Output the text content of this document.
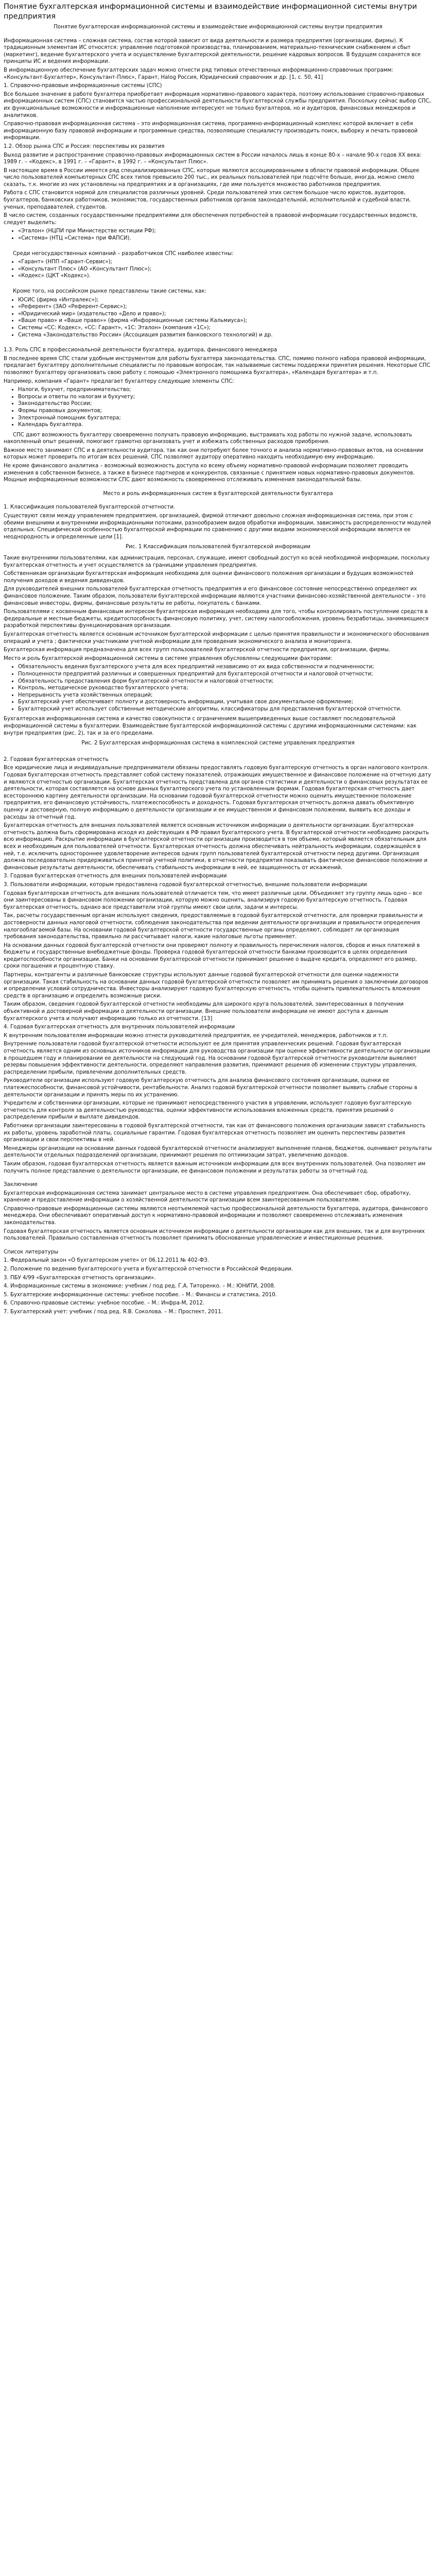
Понятие бухгалтерская информационной системы и взаимодействие информационной системы внутри предприятия
Понятие бухгалтерская информационной системы и взаимодействие информационной системы внутри предприятия
Информационная система – сложная система, состав которой зависит от вида деятельности и размера предприятия (организации, фирмы). К традиционным элементам ИС относятся: управление подготовкой производства, планированием, материально-техническим снабжением и сбыт (маркетинг), ведение бухгалтерского учета и осуществление бухгалтерской деятельности, решение кадровых вопросов. В будущем сохранятся все принципы ИС и ведения информации.
В информационную обеспечение бухгалтерских задач можно отнести ряд типовых отечественных информационно-справочных программ: «Консультант-Бухгалтер», Консультант-Плюс», Гарант, Нalog Россия, Юридический справочник и др. [1, с. 50, 41]
1. Справочно-правовые информационные системы (СПС)
Все большее значение в работе бухгалтера приобретает информация нормативно-правового характера, поэтому использование справочно-правовых информационных систем (СПС) становится частью профессиональной деятельности бухгалтерской службы предприятия. Поскольку сейчас выбор СПС, их функциональные возможности и информационные наполнение интересуют не только бухгалтеров, но и аудиторов, финансовых менеджеров и аналитиков.
Справочно-правовая информационная система – это информационная система, программно-информационный комплекс которой включает в себя информационную базу правовой информации и программные средства, позволяющие специалисту производить поиск, выборку и печать правовой информации.
1.2. Обзор рынка СПС и Россия: перспективы их развития
Выход развитие и распространение справочно-правовых информационных систем в России началось лишь в конце 80-х – начале 90-х годов ХХ века: 1989 г. – «Кодекс», в 1991 г. – «Гарант», в 1992 г. – «Консультант Плюс».
В настоящее время в России имеется ряд специализированных СПС, которые являются ассоциированными в области правовой информации. Общее число пользователей компьютерных СПС всех типов превысило 200 тыс., их реальных пользователей при подсчёте больше, иногда, можно смело сказать, т.к. многие из них установлены на предприятиях и в организациях, где ими пользуется множество работников предприятия.
Работа с СПС становится нормой для специалистов различных уровней. Среди пользователей этих систем большое число юристов, аудиторов, бухгалтеров, банковских работников, экономистов, государственных работников органов законодательной, исполнительной и судебной власти, ученых, преподавателей, студентов.
В число систем, созданных государственными предприятиями для обеспечения потребностей в правовой информации государственных ведомств, следует выделить:
• «Эталон» (НЦПИ при Министерстве юстиции РФ);
• «Система» (НТЦ «Система» при ФАПСИ).
Среди негосударственных компаний – разработчиков СПС наиболее известны:
• «Гарант» (НПП «Гарант-Сервис»);
• «Консультант Плюс» (АО «Консультант Плюс»);
• «Кодекс» (ЦКТ «Кодекс»).
Кроме того, на российском рынке представлены такие системы, как:
• ЮСИС (фирма «Интралекс»);
• «Референт» (ЗАО «Референт-Сервис»);
• «Юридический мир» (издательство «Дело и право»);
• «Ваше право» и «Ваше право»» (фирма «Информационные системы Кальмиуса»);
• Системы «СС: Кодекс», «СС: Гарант», «1С: Эталон» (компания «1С»);
• Система «Законодательство России» (Ассоциация развития банковского технологий) и др.
1.3. Роль СПС в профессиональной деятельности бухгалтера, аудитора, финансового менеджера
В последнее время СПС стали удобным инструментом для работы бухгалтера законодательства. СПС, помимо полного набора правовой информации, предлагает бухгалтеру дополнительные специалисты по правовым вопросам, так называемые системы поддержки принятия решения. Некоторые СПС позволяют бухгалтеру организовать свою работу с помощью «Электронного помощника бухгалтера», «Календаря бухгалтера» и т.п.
Например, компания «Гарант» предлагает бухгалтеру следующие элементы СПС:
• Налоги, бухучет, предпринимательство;
• Вопросы и ответы по налогам и бухучету;
• Законодательство России;
• Формы правовых документов;
• Электронный помощник бухгалтера;
• Календарь бухгалтера.
СПС дают возможность бухгалтеру своевременно получать правовую информацию, выстраивать ход работы по нужной задаче, использовать накопленный опыт решений, помогают грамотно организовать учет и избежать собственных расходов приобрения.
Важное место занимают СПС и в деятельности аудитора, так как они потребуют более точного и анализа нормативно-правовых актов, на основании которых может проверить по итогам всех решений. СПС позволяют аудитору оперативно находить необходимую ему информацию.
Не кроме финансового аналитика – возможный возможность доступа ко всему объему нормативно-правовой информации позволяет проводить изменения в собственном бизнесе, а также в бизнесе партнеров и конкурентов, связанные с принятием новых нормативно-правовых документов. Мощные информационные возможности СПС дают возможность своевременно отслеживать изменения законодательной базы.
Место и роль информационных систем в бухгалтерской деятельности бухгалтера
1. Классификация пользователей бухгалтерской отчетности.
Существуют связи между управлением предприятием, организацией, фирмой отличают довольно сложная информационная система, при этом с обеими внешними и внутренними информационными потоками, разнообразием видов обработки информации, зависимость распределенности модулей отдельных. Специфической особенностью бухгалтерской информации по сравнению с другими видами экономической информации является ее неоднородность и определенные цели [1].
Рис. 1 Классификация пользователей бухгалтерской информации
Такие внутренними пользователями, как администрация, персонал, служащие, имеют свободный доступ ко всей необходимой информации, поскольку бухгалтерская отчетность и учет осуществляется за границами управления предприятия.
Собственникам организации бухгалтерская информация необходима для оценки финансового положения организации и будущих возможностей получения доходов и ведения дивидендов.
Для руководителей внешних пользователей бухгалтерская отчетность предприятия и его финансовое состояние непосредственно определяют их финансовое положение. Таким образом, пользователи бухгалтерской информации являются участники финансово-хозяйственной деятельности – это финансовые инвесторы, фирмы, финансовые результаты ее работы, покупатель с банками.
Пользователями с косвенным финансовым интересом бухгалтерская информация необходима для того, чтобы контролировать поступление средств в федеральные и местные бюджеты, кредитоспособность финансовую политику, учет, систему налогообложения, уровень безработицы, занимающиеся разработкой перспективы функционирования организации.
Бухгалтерская отчетность является основным источником бухгалтерской информации с целью принятия правильности и экономического обоснования операций и учета ; фактически участниками учетной информации для проведения экономического анализа и мониторинга.
Бухгалтерская информация предназначена для всех групп пользователей бухгалтерской отчетности предприятия, организации, фирмы.
Место и роль бухгалтерской информационной системы в системе управления обусловлены следующими факторами:
• Обязательность ведения бухгалтерского учета для всех предприятий независимо от их вида собственности и подчиненности;
• Полноценности предприятий различных и совершенных предприятий для бухгалтерской отчетности и налоговой отчетности;
• Обязательность предоставления форм бухгалтерской отчетности и налоговой отчетности;
• Контроль, методическое руководство бухгалтерского учета;
• Непрерывность учета хозяйственных операций;
• Бухгалтерский учет обеспечивает полноту и достоверность информации, учитывая свое документальное оформление;
• Бухгалтерский учет использует собственные методические алгоритмы, классификаторы для представления бухгалтерской отчетности.
Бухгалтерская информационная система и качество совокупности с ограничением вышеприведенных выше составляют последовательной информационной системы в бухгалтерии. Взаимодействие бухгалтерской информационной системы с другими информационными системами: как внутри предприятия (рис. 2), так и за его пределами.
Рис. 2 Бухгалтерская информационная система в комплексной системе управления предприятия
2. Годовая бухгалтерская отчетность
Все юридические лица и индивидуальные предприниматели обязаны предоставлять годовую бухгалтерскую отчетность в орган налогового контроля. Годовая бухгалтерская отчетность представляет собой систему показателей, отражающих имущественное и финансовое положение на отчетную дату и являются отчетностью организации. Бухгалтерская отчетность представлена для органов статистики и деятельности о финансовых результатах ее деятельности, которая составляется на основе данных бухгалтерского учета по установленным формам. Годовая бухгалтерская отчетность дает всестороннюю картину деятельности организации. На основании годовой бухгалтерской отчетности можно оценить имущественное положение предприятия, его финансовую устойчивость, платежеспособность и доходность. Годовая бухгалтерская отчетность должна давать объективную оценку и достоверную, полную информацию о деятельности организации и ее имущественном и финансовом положении, выявить все доходы и расходы за отчетный год.
Бухгалтерская отчетность для внешних пользователей является основным источником информации о деятельности организации. Бухгалтерская отчетность должна быть сформирована исходя из действующих в РФ правил бухгалтерского учета. В бухгалтерской отчетности необходимо раскрыть всю информацию. Раскрытие информации в бухгалтерской отчетности организации производится в том объеме, который является обязательным для всех и необходимым для пользователей отчетности. Бухгалтерская отчетность должна обеспечивать нейтральность информации, содержащейся в ней, т.е. исключить одностороннее удовлетворение интересов одних групп пользователей бухгалтерской отчетности перед другими. Организация должна последовательно придерживаться принятой учетной политики, в отчетности предприятия показывать фактическое финансовое положение и финансовые результаты деятельности, обеспечивать стабильность информации в ней, ее защищенность от искажений.
3. Годовая бухгалтерская отчетность для внешних пользователей информации
3. Пользователи информации, которым предоставлена годовой бухгалтерской отчетностью, внешние пользователи информации
Годовая бухгалтерская отчетность для внешних пользователей отличается тем, что имеет различные цели. Объединяет эту группу лишь одно – все они заинтересованы в финансовом положении организации, которую можно оценить, анализируя годовую бухгалтерскую отчетность. Годовая бухгалтерская отчетность, однако все представители этой группы имеют свои цели, задачи и интересы.
Так, расчеты государственным органам используют сведения, предоставляемые в годовой бухгалтерской отчетности, для проверки правильности и достоверности данных налоговой отчетности, соблюдения законодательства при ведении деятельности организации и правильности определения налогооблагаемой базы. На основании годовой бухгалтерской отчетности государственные органы определяют, соблюдает ли организация требования законодательства, правильно ли рассчитывает налоги, какие налоговые льготы применяет.
На основании данных годовой бухгалтерской отчетности они проверяют полноту и правильность перечисления налогов, сборов и иных платежей в бюджеты и государственные внебюджетные фонды. Проверка годовой бухгалтерской отчетности банками производится в целях определения кредитоспособности организации. Банки на основании бухгалтерской отчетности принимают решение о выдаче кредита, определяют его размер, сроки погашения и процентную ставку.
Партнеры, контрагенты и различные банковские структуры используют данные годовой бухгалтерской отчетности для оценки надежности организации. Такая стабильность на основании данных годовой бухгалтерской отчетности позволяет им принимать решения о заключении договоров и определении условий сотрудничества. Инвесторы анализируют годовую бухгалтерскую отчетность, чтобы оценить привлекательность вложения средств в организацию и определить возможные риски.
Таким образом, сведения годовой бухгалтерской отчетности необходимы для широкого круга пользователей, заинтересованных в получении объективной и достоверной информации о деятельности организации. Внешние пользователи информации не имеют доступа к данным бухгалтерского учета и получают информацию только из отчетности. [13]
4. Годовая бухгалтерская отчетность для внутренних пользователей информации
К внутренним пользователям информации можно отнести руководителей предприятия, ее учредителей, менеджеров, работников и т.п.
Внутренние пользователи годовой бухгалтерской отчетности используют ее для принятия управленческих решений. Годовая бухгалтерская отчетность является одним из основных источников информации для руководства организации при оценке эффективности деятельности организации в прошедшем году и планировании ее деятельности на следующий год. На основании годовой бухгалтерской отчетности руководители выявляют резервы повышения эффективности деятельности, определяют направления развития, принимают решения об изменении структуры управления, распределении прибыли, привлечении дополнительных средств.
Руководители организации используют годовую бухгалтерскую отчетность для анализа финансового состояния организации, оценки ее платежеспособности, финансовой устойчивости, рентабельности. Анализ годовой бухгалтерской отчетности позволяет выявить слабые стороны в деятельности организации и принять меры по их устранению.
Учредители и собственники организации, которые не принимают непосредственного участия в управлении, используют годовую бухгалтерскую отчетность для контроля за деятельностью руководства, оценки эффективности использования вложенных средств, принятия решений о распределении прибыли и выплате дивидендов.
Работники организации заинтересованы в годовой бухгалтерской отчетности, так как от финансового положения организации зависят стабильность их работы, уровень заработной платы, социальные гарантии. Годовая бухгалтерская отчетность позволяет им оценить перспективы развития организации и свои перспективы в ней.
Менеджеры организации на основании данных годовой бухгалтерской отчетности анализируют выполнение планов, бюджетов, оценивают результаты деятельности отдельных подразделений организации, принимают решения по оптимизации затрат, увеличению доходов.
Таким образом, годовая бухгалтерская отчетность является важным источником информации для всех внутренних пользователей. Она позволяет им получить полное представление о деятельности организации, ее финансовом положении и результатах работы за отчетный год.
Заключение
Бухгалтерская информационная система занимает центральное место в системе управления предприятием. Она обеспечивает сбор, обработку, хранение и предоставление информации о хозяйственной деятельности организации всем заинтересованным пользователям.
Справочно-правовые информационные системы являются неотъемлемой частью профессиональной деятельности бухгалтера, аудитора, финансового менеджера. Они обеспечивают оперативный доступ к нормативно-правовой информации и позволяют своевременно отслеживать изменения законодательства.
Годовая бухгалтерская отчетность является основным источником информации о деятельности организации как для внешних, так и для внутренних пользователей. Правильно составленная отчетность позволяет принимать обоснованные управленческие и инвестиционные решения.
Список литературы
1. Федеральный закон «О бухгалтерском учете» от 06.12.2011 № 402-ФЗ.
2. Положение по ведению бухгалтерского учета и бухгалтерской отчетности в Российской Федерации.
3. ПБУ 4/99 «Бухгалтерская отчетность организации».
4. Информационные системы в экономике: учебник / под ред. Г.А. Титоренко. – М.: ЮНИТИ, 2008.
5. Бухгалтерские информационные системы: учебное пособие. – М.: Финансы и статистика, 2010.
6. Справочно-правовые системы: учебное пособие. – М.: Инфра-М, 2012.
7. Бухгалтерский учет: учебник / под ред. Я.В. Соколова. – М.: Проспект, 2011.
